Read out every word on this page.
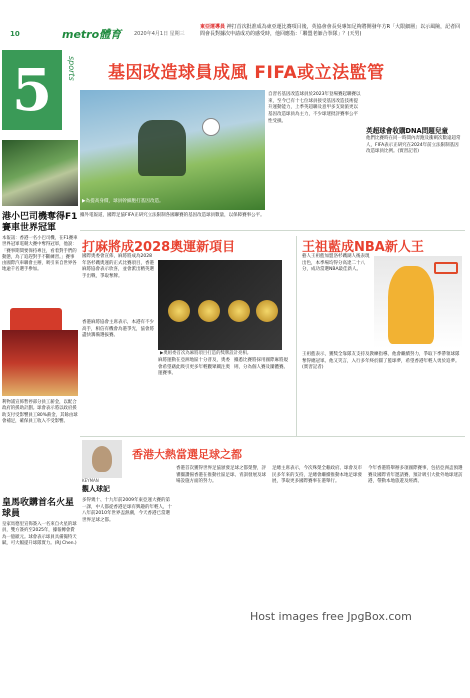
10	metro體育	2020年4月1日 星期三
東亞運導員 神打首次批准成為東亞運比賽項目後，英協會會長吳專知足夠將開發年方R「大限細層」以示風險，記者回問會長對據次申請成功的感受時，他回應指：「聯盟老師合拳隊」？(天男)
5	sports
港小巴司機奪得F1賽車世界冠軍
本報訊：香港一名小巴司機，在F1賽車世界冠軍電競大賽中奪得冠軍，他說：「賽事期間要保持專注，看着對手們的動態，為了追趕對手不斷練習。」賽事由國際汽車聯會主辦，吸引來自世界各地逾千名選手參加。
SO KEI KAI LIVERPOOL
利物浦宣佈暫停部分員工薪金，以配合政府的援助計劃。球會表示將以政府援助支付受影響員工80%薪金，其餘由球會補足，確保員工收入不受影響。
皇馬收購首名火星球員
皇家馬德里宣佈簽入一名來自火星的球員，雙方簽約至2025年，據報轉會費為一億歐元。球會表示球員具備獨特天賦，可大幅提升球隊實力。(RJ Chen.)
基因改造球員成風 FIFA或立法監管
▶為提高身價，球員幹細胞打基因改造。
自習名基因改造球員於2023年登場賽起聯賽以來，至今已有十七位球員接受基因改造技術提升運動能力，上季英超聯及意甲多支勁旅更以基因改造球員為主力，不少球迷批評賽事公平性受損。
英超球會收購DNA問題兒童
他們比賽時在同一時間內奔跑及衝刺次數遠超常人，FIFA表示正研究在2024年前立法限制基因改造球員比例。(實習記者)
據外電報道，國際足協FIFA正研究立法限制各國聯賽的基因改造球員數量，以保障賽事公平。
打麻將成2028奧運新項目
國際奧委會宣佈，麻將將成為2028年洛杉磯奧運的正式比賽項目，香港麻將協會表示欣喜，並會派出精英選手出戰，爭取奪牌。
▶奧組委首次為麻將項目打造的獎牌設計亮相。
香港麻將協會主席表示，本港有不少高手，相信有機會為港爭光，協會將盡快籌備選拔賽。
麻將運動在亞洲地區十分普及，奧委會希望藉此吸引更多年輕觀眾關注奧運賽事。
據悉比賽將採用國際麻將規則，分為個人賽及團體賽。
王祖藍成NBA新人王
藝人王祖藍加盟洛杉磯湖人後表現出色，本季場均得分高達二十八分，成功當選NBA最佳新人。
王祖藍表示，獲獎全靠隊友支持及教練指導，他會繼續努力，爭取下季帶領球隊奪得總冠軍。他又笑言，入行多年終於圓了籃球夢，希望香港年輕人勇於追夢。(實習記者)
KEYMAN
觀人球記
香港大熱當選足球之都
多得幾十、十九年前2009年東亞運大賽的第一課，中人都從香港足球有興趣的年輕人，十八年前2010年世界盃熱潮，今天香港已當選世界足球之都。
香港首次獲得世界足協頒發足球之都榮譽，評審團讚揚香港在推動社區足球、青訓發展及球場設施方面的努力。
足總主席表示，今次殊榮全賴政府、球會及市民多年來的支持，足總會繼續推動本地足球發展，爭取更多國際賽事在港舉行。
今年香港將舉辦多項國際賽事，包括亞洲盃預選賽及國際青年邀請賽，預計吸引大批外地球迷訪港，帶動本地旅遊及經濟。
Host images free JpgBox.com
